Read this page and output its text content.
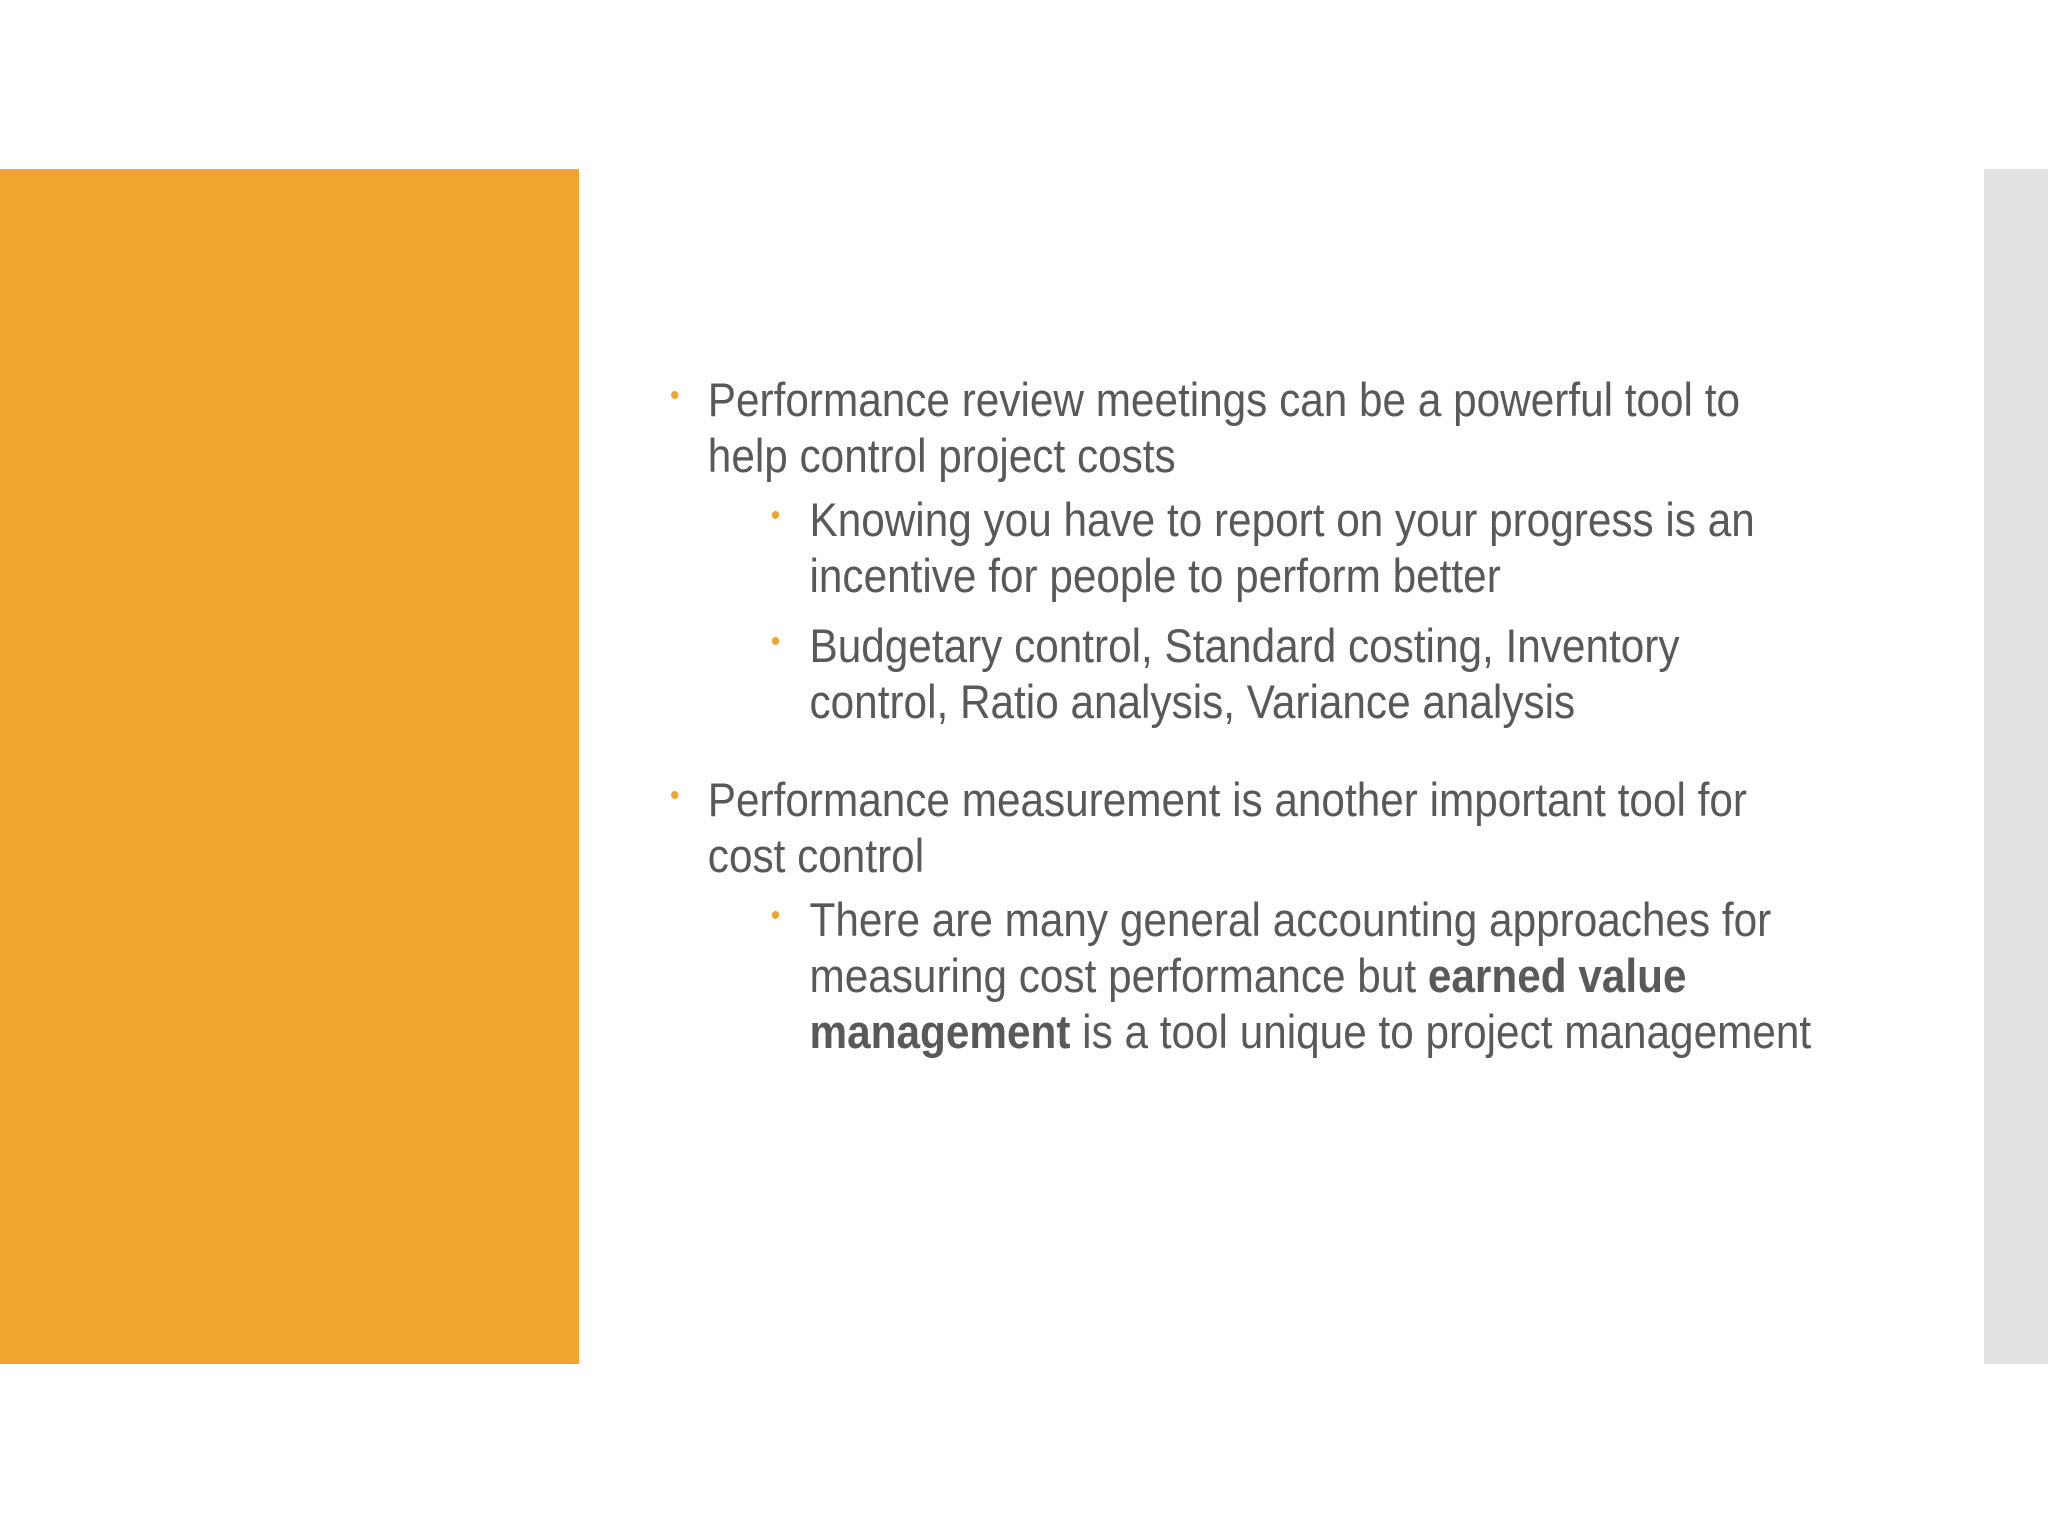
• Performance review meetings can be a powerful tool to help control project costs
• Knowing you have to report on your progress is an incentive for people to perform better
• Budgetary control, Standard costing, Inventory control, Ratio analysis, Variance analysis
• Performance measurement is another important tool for cost control
• There are many general accounting approaches for measuring cost performance but earned value management is a tool unique to project management
